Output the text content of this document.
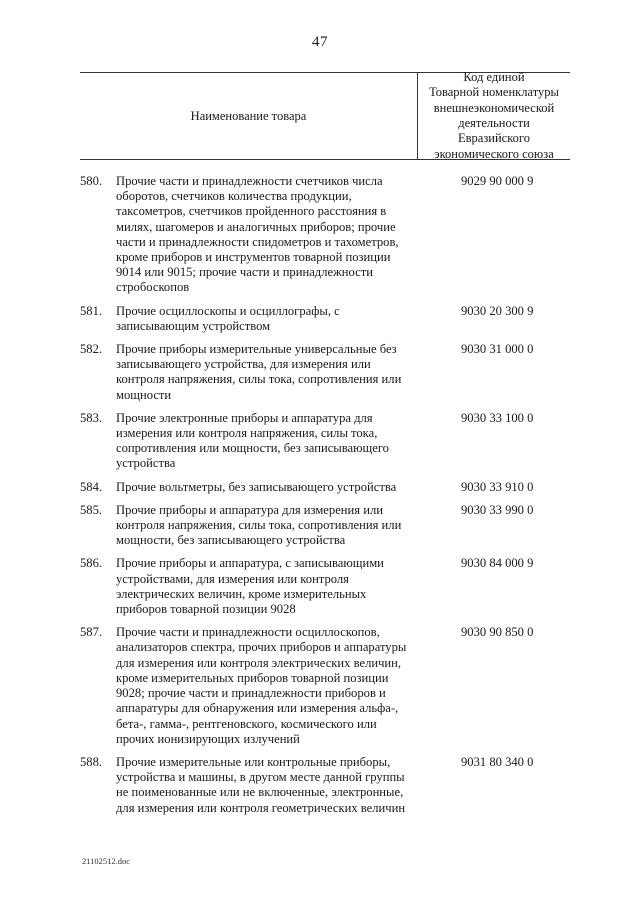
47
Наименование товара
Код единой
Товарной номенклатуры
внешнеэкономической
деятельности
Евразийского
экономического союза
580.	Прочие части и принадлежности счетчиков числа
оборотов, счетчиков количества продукции,
таксометров, счетчиков пройденного расстояния в
милях, шагомеров и аналогичных приборов; прочие
части и принадлежности спидометров и тахометров,
кроме приборов и инструментов товарной позиции
9014 или 9015; прочие части и принадлежности
стробоскопов
9029 90 000 9
581.	Прочие осциллоскопы и осциллографы, с
записывающим устройством
9030 20 300 9
582.	Прочие приборы измерительные универсальные без
записывающего устройства, для измерения или
контроля напряжения, силы тока, сопротивления или
мощности
9030 31 000 0
583.	Прочие электронные приборы и аппаратура для
измерения или контроля напряжения, силы тока,
сопротивления или мощности, без записывающего
устройства
9030 33 100 0
584.	Прочие вольтметры, без записывающего устройства	9030 33 910 0
585.	Прочие приборы и аппаратура для измерения или
контроля напряжения, силы тока, сопротивления или
мощности, без записывающего устройства
9030 33 990 0
586.	Прочие приборы и аппаратура, с записывающими
устройствами, для измерения или контроля
электрических величин, кроме измерительных
приборов товарной позиции 9028
9030 84 000 9
587.	Прочие части и принадлежности осциллоскопов,
анализаторов спектра, прочих приборов и аппаратуры
для измерения или контроля электрических величин,
кроме измерительных приборов товарной позиции
9028; прочие части и принадлежности приборов и
аппаратуры для обнаружения или измерения альфа-,
бета-, гамма-, рентгеновского, космического или
прочих ионизирующих излучений
9030 90 850 0
588.	Прочие измерительные или контрольные приборы,
устройства и машины, в другом месте данной группы
не поименованные или не включенные, электронные,
для измерения или контроля геометрических величин
9031 80 340 0
21102512.doc
